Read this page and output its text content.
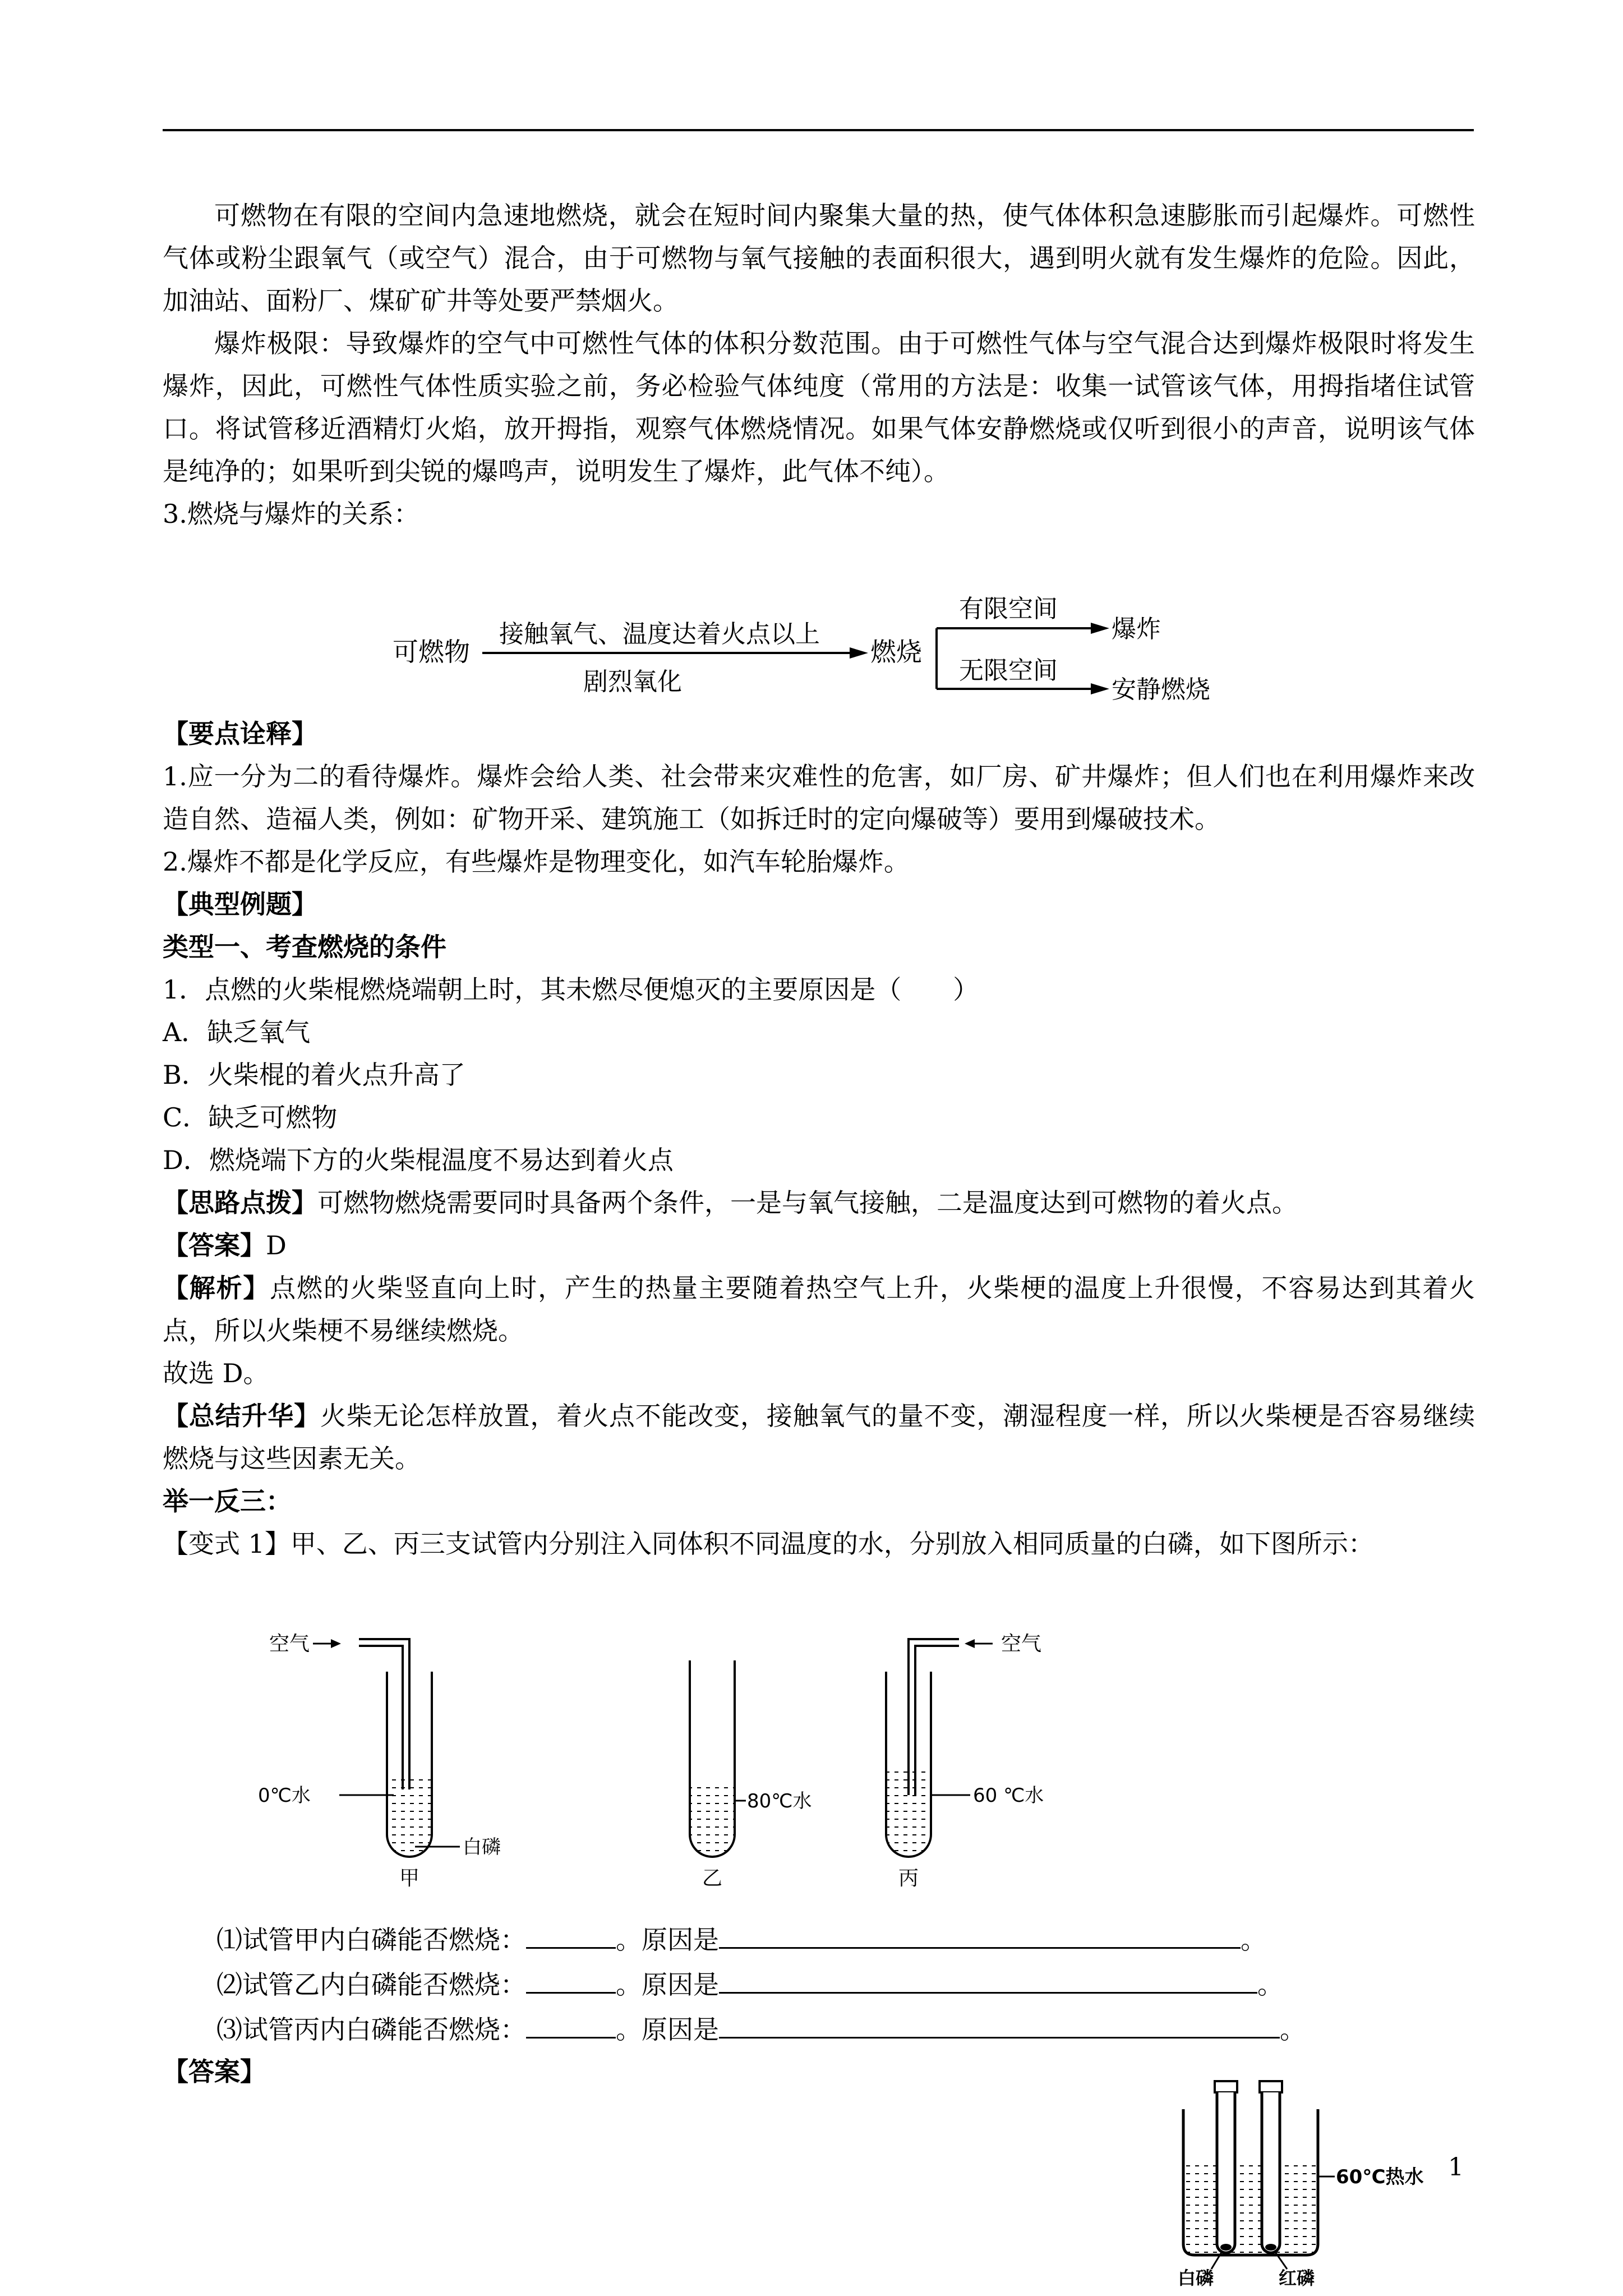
可燃物在有限的空间内急速地燃烧，就会在短时间内聚集大量的热，使气体体积急速膨胀而引起爆炸。可燃性气体或粉尘跟氧气（或空气）混合，由于可燃物与氧气接触的表面积很大，遇到明火就有发生爆炸的危险。因此，加油站、面粉厂、煤矿矿井等处要严禁烟火。

爆炸极限：导致爆炸的空气中可燃性气体的体积分数范围。由于可燃性气体与空气混合达到爆炸极限时将发生爆炸，因此，可燃性气体性质实验之前，务必检验气体纯度（常用的方法是：收集一试管该气体，用拇指堵住试管口。将试管移近酒精灯火焰，放开拇指，观察气体燃烧情况。如果气体安静燃烧或仅听到很小的声音，说明该气体是纯净的；如果听到尖锐的爆鸣声，说明发生了爆炸，此气体不纯）。

3.燃烧与爆炸的关系：

可燃物
接触氧气、温度达着火点以上
剧烈氧化
燃烧
有限空间
无限空间
爆炸
安静燃烧

【要点诠释】

1.应一分为二的看待爆炸。爆炸会给人类、社会带来灾难性的危害，如厂房、矿井爆炸；但人们也在利用爆炸来改造自然、造福人类，例如：矿物开采、建筑施工（如拆迁时的定向爆破等）要用到爆破技术。

2.爆炸不都是化学反应，有些爆炸是物理变化，如汽车轮胎爆炸。

【典型例题】

类型一、考查燃烧的条件

1．点燃的火柴棍燃烧端朝上时，其未燃尽便熄灭的主要原因是（　　）

A．缺乏氧气

B．火柴棍的着火点升高了

C．缺乏可燃物

D．燃烧端下方的火柴棍温度不易达到着火点

【思路点拨】可燃物燃烧需要同时具备两个条件，一是与氧气接触，二是温度达到可燃物的着火点。

【答案】D

【解析】点燃的火柴竖直向上时，产生的热量主要随着热空气上升，火柴梗的温度上升很慢，不容易达到其着火点，所以火柴梗不易继续燃烧。

故选 D。

【总结升华】火柴无论怎样放置，着火点不能改变，接触氧气的量不变，潮湿程度一样，所以火柴梗是否容易继续燃烧与这些因素无关。

举一反三：

【变式 1】甲、乙、丙三支试管内分别注入同体积不同温度的水，分别放入相同质量的白磷，如下图所示：

空气
0℃水
白磷
甲
80℃水
乙
空气
60 ℃水
丙
⑴试管甲内白磷能否燃烧：	。原因是	。
⑵试管乙内白磷能否燃烧：	。原因是	。
⑶试管丙内白磷能否燃烧：	。原因是	。
【答案】
60℃热水
白磷	红磷
1
